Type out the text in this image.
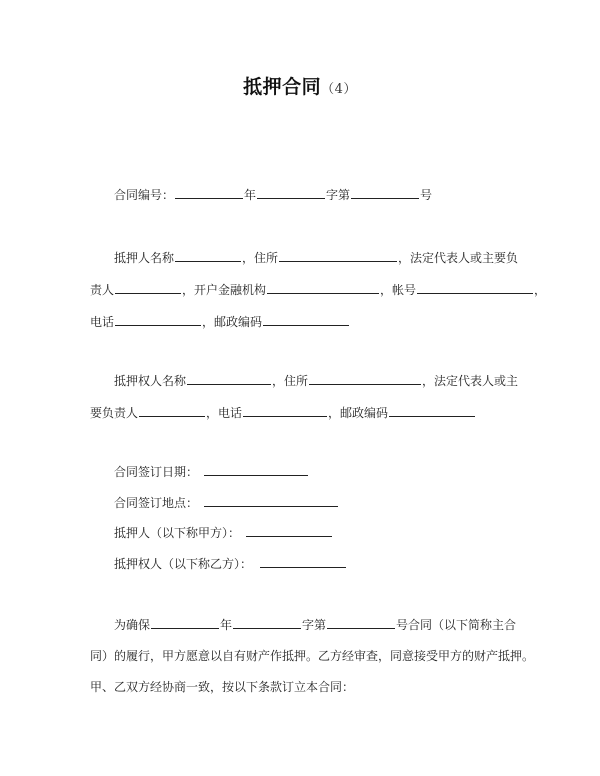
抵押合同（4）
合同编号：	年	字第	号
抵押人名称	，住所	，法定代表人或主要负
责人	，开户金融机构	，帐号	，
电话	，邮政编码
抵押权人名称	，住所	，法定代表人或主
要负责人	，电话	，邮政编码
合同签订日期：
合同签订地点：
抵押人（以下称甲方）：
抵押权人（以下称乙方）：
为确保	年	字第	号合同（以下简称主合
同）的履行，甲方愿意以自有财产作抵押。乙方经审查，同意接受甲方的财产抵押。
甲、乙双方经协商一致，按以下条款订立本合同：
